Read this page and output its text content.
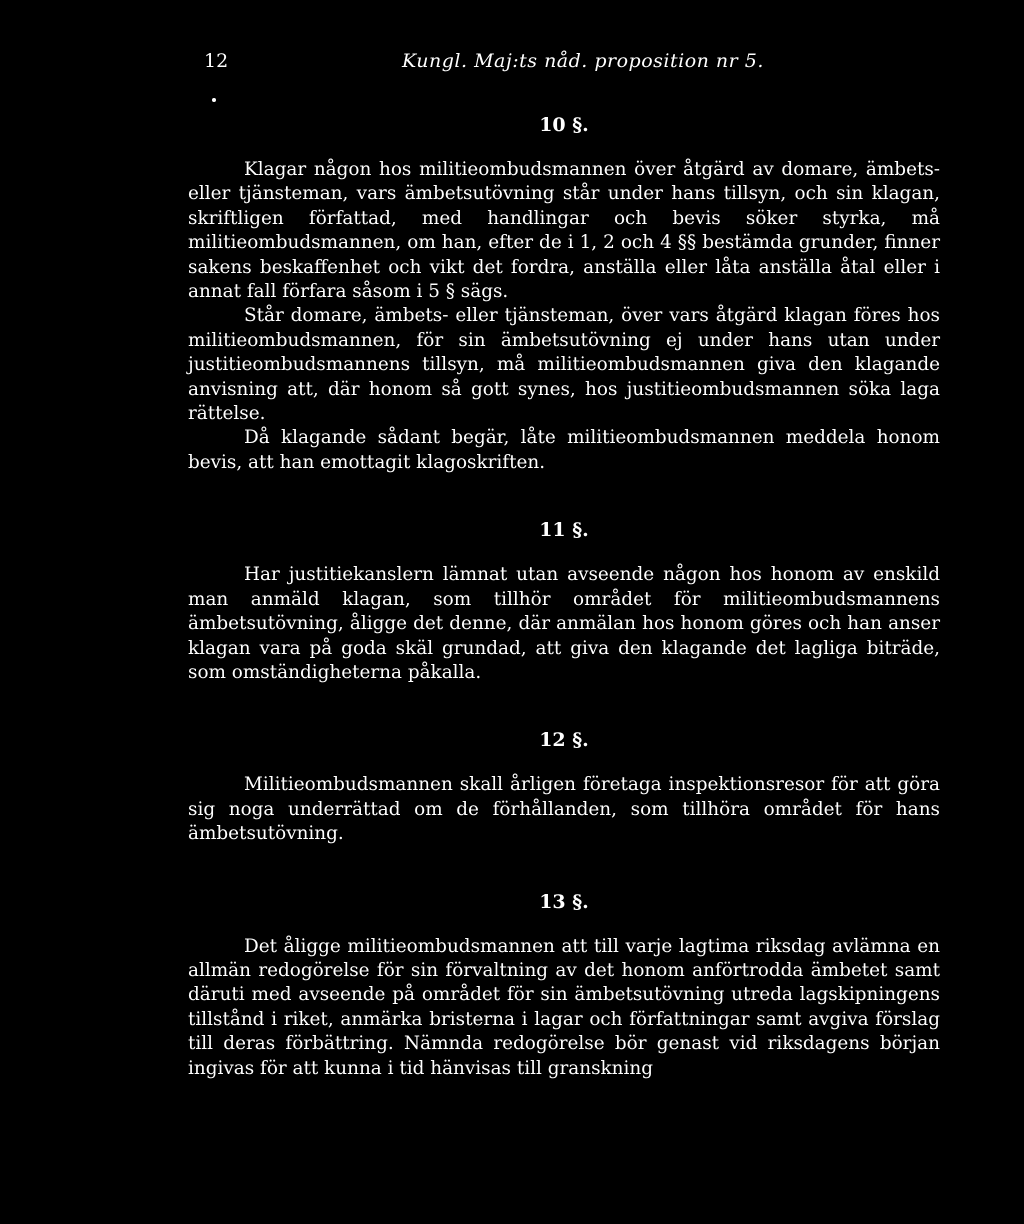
12	Kungl. Maj:ts nåd. proposition nr 5.
10 §.

Klagar någon hos militieombudsmannen över åtgärd av domare, ämbets- eller tjänsteman, vars ämbetsutövning står under hans tillsyn, och sin klagan, skriftligen författad, med handlingar och bevis söker styrka, må militieombudsmannen, om han, efter de i 1, 2 och 4 §§ bestämda grunder, finner sakens beskaffenhet och vikt det fordra, anställa eller låta anställa åtal eller i annat fall förfara såsom i 5 § sägs.

Står domare, ämbets- eller tjänsteman, över vars åtgärd klagan föres hos militieombudsmannen, för sin ämbetsutövning ej under hans utan under justitieombudsmannens tillsyn, må militieombudsmannen giva den klagande anvisning att, där honom så gott synes, hos justitieombudsmannen söka laga rättelse.

Då klagande sådant begär, låte militieombudsmannen meddela honom bevis, att han emottagit klagoskriften.

11 §.

Har justitiekanslern lämnat utan avseende någon hos honom av enskild man anmäld klagan, som tillhör området för militieombudsmannens ämbetsutövning, åligge det denne, där anmälan hos honom göres och han anser klagan vara på goda skäl grundad, att giva den klagande det lagliga biträde, som omständigheterna påkalla.

12 §.

Militieombudsmannen skall årligen företaga inspektionsresor för att göra sig noga underrättad om de förhållanden, som tillhöra området för hans ämbetsutövning.

13 §.

Det åligge militieombudsmannen att till varje lagtima riksdag avlämna en allmän redogörelse för sin förvaltning av det honom anförtrodda ämbetet samt däruti med avseende på området för sin ämbetsutövning utreda lagskipningens tillstånd i riket, anmärka bristerna i lagar och författningar samt avgiva förslag till deras förbättring. Nämnda redogörelse bör genast vid riksdagens början ingivas för att kunna i tid hänvisas till granskning
